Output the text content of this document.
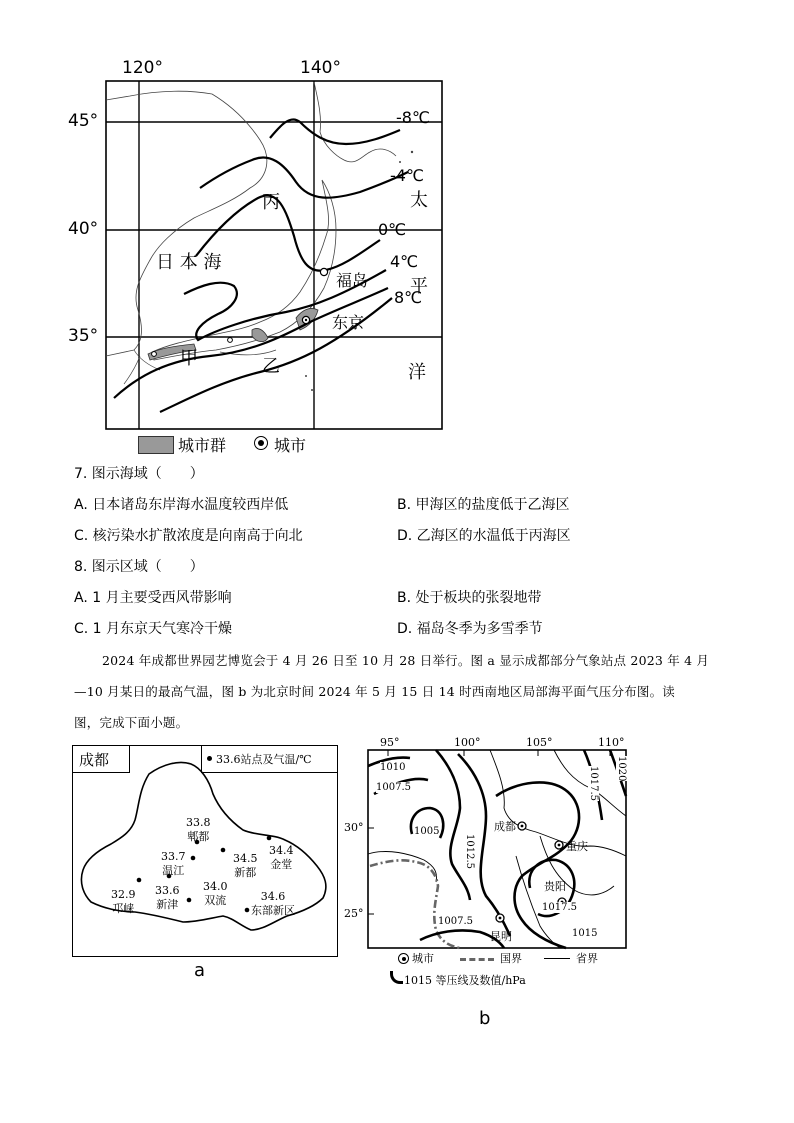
120°	140°
45°
40°
35°
-8℃
-4℃
0℃
4℃
8℃
日 本 海
丙
甲	乙
太
平
洋
福岛
东京
城市群	城市
7. 图示海域（　　）
A. 日本诸岛东岸海水温度较西岸低	B. 甲海区的盐度低于乙海区
C. 核污染水扩散浓度是向南高于向北	D. 乙海区的水温低于丙海区
8. 图示区域（　　）
A. 1 月主要受西风带影响	B. 处于板块的张裂地带
C. 1 月东京天气寒冷干燥	D. 福岛冬季为多雪季节
2024 年成都世界园艺博览会于 4 月 26 日至 10 月 28 日举行。图 a 显示成都部分气象站点 2023 年 4 月
—10 月某日的最高气温，图 b 为北京时间 2024 年 5 月 15 日 14 时西南地区局部海平面气压分布图。读
图，完成下面小题。
成都	33.6站点及气温/℃
33.8
郫都
33.7
温江
34.5
新都
34.4
金堂
32.9
邛崃
33.6
新津
34.0
双流	34.6
东部新区
a
95°	100°	105°	110°
30°
25°
1010
1007.5
1005
1012.5
1017.5 1020
1007.5
1017.5
1015
成都
重庆
贵阳
昆明
城市	国界	省界
1015 等压线及数值/hPa
b
